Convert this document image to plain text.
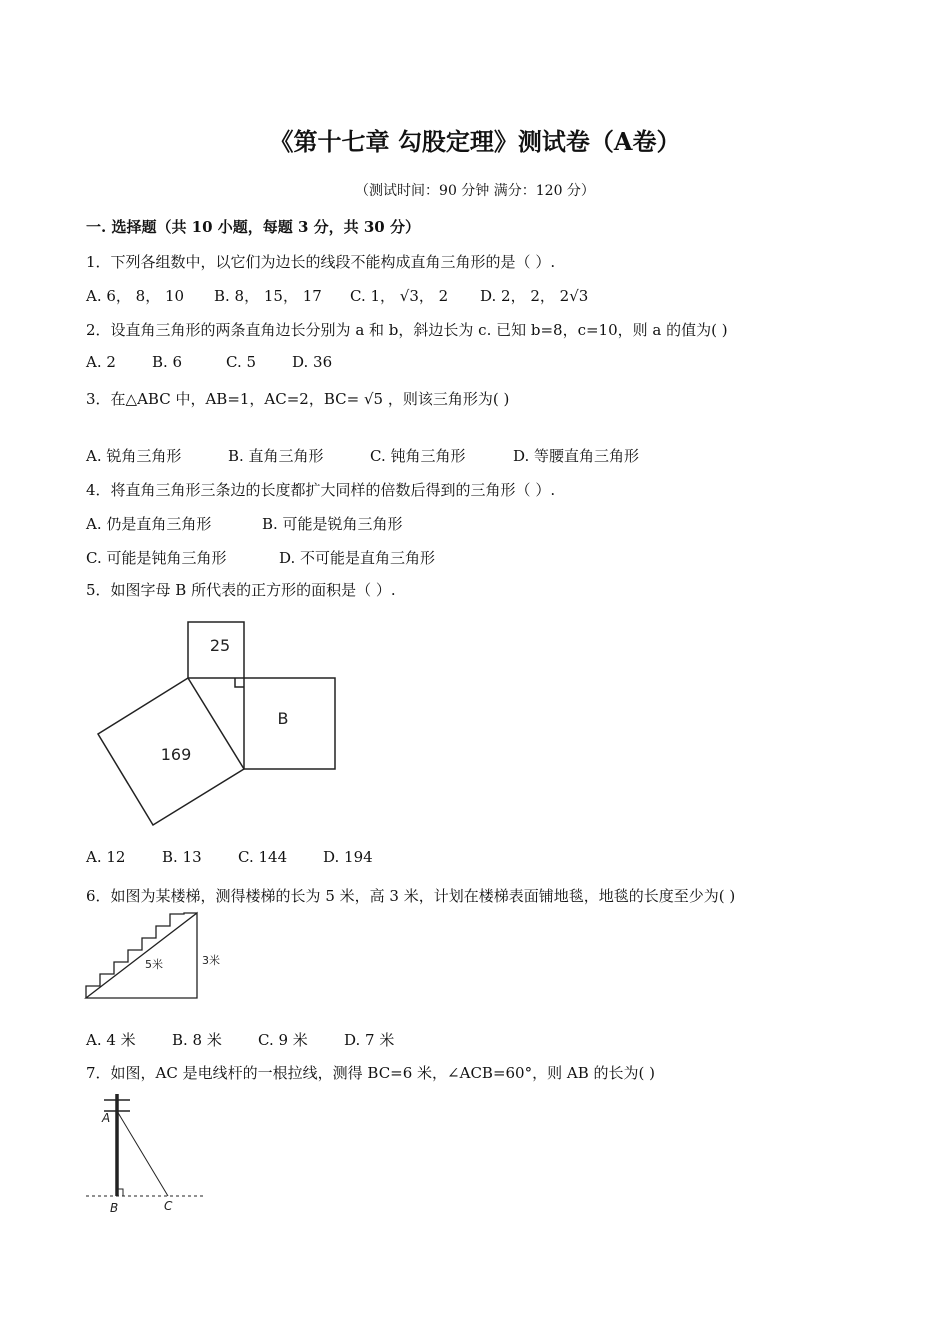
《第十七章 勾股定理》测试卷（A卷）
（测试时间：90 分钟 满分：120 分）
一. 选择题（共 10 小题，每题 3 分，共 30 分）
1．下列各组数中，以它们为边长的线段不能构成直角三角形的是（ ）.
A. 6， 8， 10	B. 8， 15， 17	C. 1， √3， 2	D. 2， 2， 2√3
2．设直角三角形的两条直角边长分别为 a 和 b，斜边长为 c. 已知 b=8，c=10，则 a 的值为( )
A. 2	B. 6	C. 5	D. 36
3．在△ABC 中，AB=1，AC=2，BC= √5 ，则该三角形为( )
A. 锐角三角形	B. 直角三角形	C. 钝角三角形	D. 等腰直角三角形
4．将直角三角形三条边的长度都扩大同样的倍数后得到的三角形（ ）.
A. 仍是直角三角形	B. 可能是锐角三角形
C. 可能是钝角三角形	D. 不可能是直角三角形
5．如图字母 B 所代表的正方形的面积是（ ）.
25
B
169
A. 12	B. 13	C. 144	D. 194
6．如图为某楼梯，测得楼梯的长为 5 米，高 3 米，计划在楼梯表面铺地毯，地毯的长度至少为( )
5米	3米
A. 4 米	B. 8 米	C. 9 米	D. 7 米
7．如图，AC 是电线杆的一根拉线，测得 BC=6 米，∠ACB=60°，则 AB 的长为( )
A
B	C
